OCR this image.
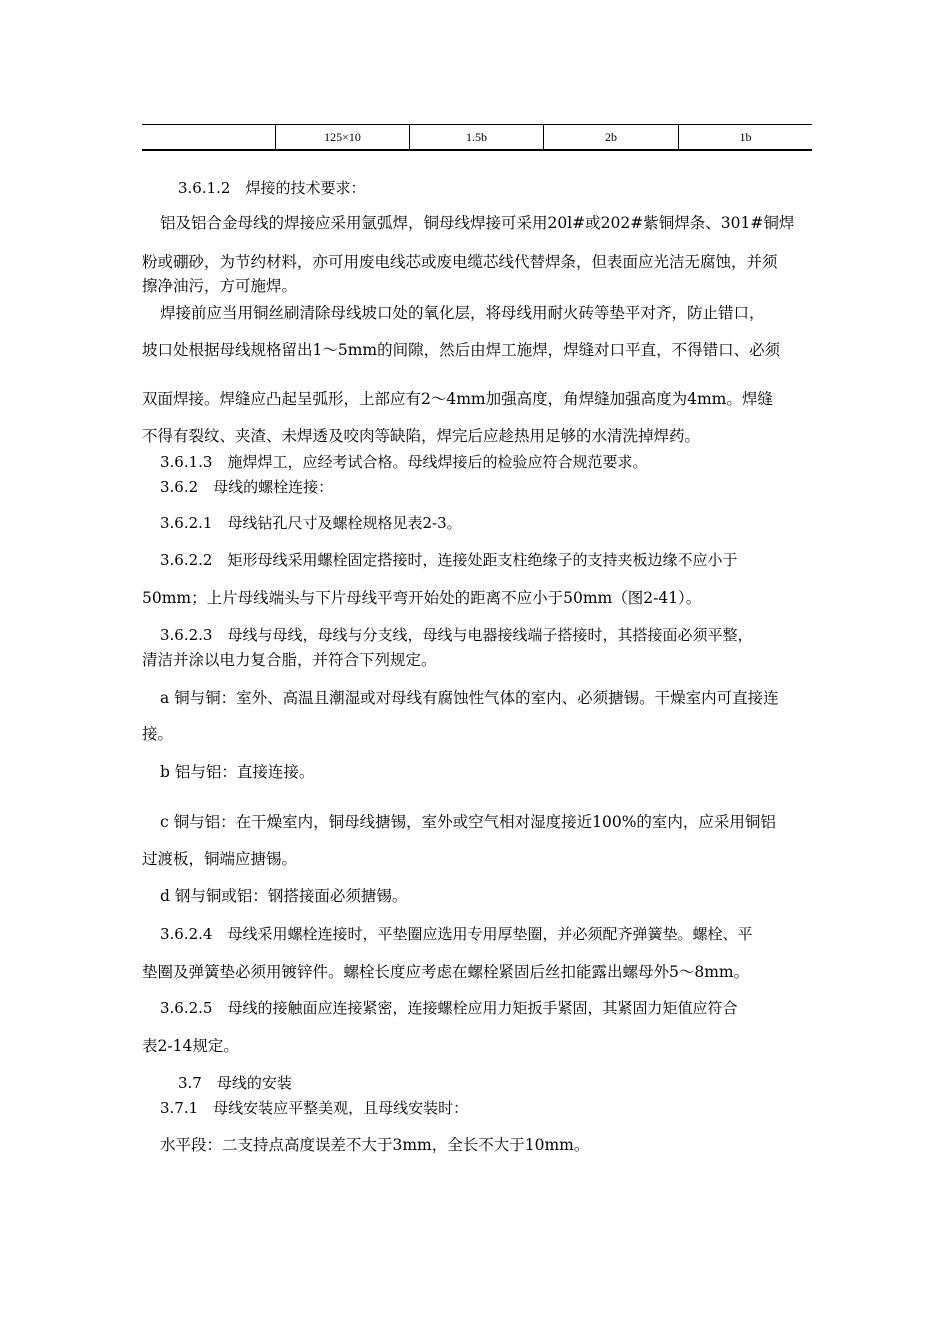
	125×10	1.5b	2b	1b
3.6.1.2　焊接的技术要求：
铝及铝合金母线的焊接应采用氩弧焊，铜母线焊接可采用20l#或202#紫铜焊条、301#铜焊
粉或硼砂，为节约材料，亦可用废电线芯或废电缆芯线代替焊条，但表面应光洁无腐蚀，并须
擦净油污，方可施焊。
焊接前应当用铜丝刷清除母线坡口处的氧化层，将母线用耐火砖等垫平对齐，防止错口，
坡口处根据母线规格留出1～5mm的间隙，然后由焊工施焊，焊缝对口平直，不得错口、必须
双面焊接。焊缝应凸起呈弧形，上部应有2～4mm加强高度，角焊缝加强高度为4mm。焊缝
不得有裂纹、夹渣、未焊透及咬肉等缺陷，焊完后应趁热用足够的水清洗掉焊药。
3.6.1.3　施焊焊工，应经考试合格。母线焊接后的检验应符合规范要求。
3.6.2　母线的螺栓连接：
3.6.2.1　母线钻孔尺寸及螺栓规格见表2-3。
3.6.2.2　矩形母线采用螺栓固定搭接时，连接处距支柱绝缘子的支持夹板边缘不应小于
50mm；上片母线端头与下片母线平弯开始处的距离不应小于50mm（图2-41）。
3.6.2.3　母线与母线，母线与分支线，母线与电器接线端子搭接时，其搭接面必须平整，
清洁并涂以电力复合脂，并符合下列规定。
a 铜与铜：室外、高温且潮湿或对母线有腐蚀性气体的室内、必须搪锡。干燥室内可直接连
接。
b 铝与铝：直接连接。
c 铜与铝：在干燥室内，铜母线搪锡，室外或空气相对湿度接近100%的室内，应采用铜铝
过渡板，铜端应搪锡。
d 钢与铜或铝：钢搭接面必须搪锡。
3.6.2.4　母线采用螺栓连接时，平垫圈应选用专用厚垫圈，并必须配齐弹簧垫。螺栓、平
垫圈及弹簧垫必须用镀锌件。螺栓长度应考虑在螺栓紧固后丝扣能露出螺母外5～8mm。
3.6.2.5　母线的接触面应连接紧密，连接螺栓应用力矩扳手紧固，其紧固力矩值应符合
表2-14规定。
3.7　母线的安装
3.7.1　母线安装应平整美观，且母线安装时：
水平段：二支持点高度误差不大于3mm，全长不大于10mm。
